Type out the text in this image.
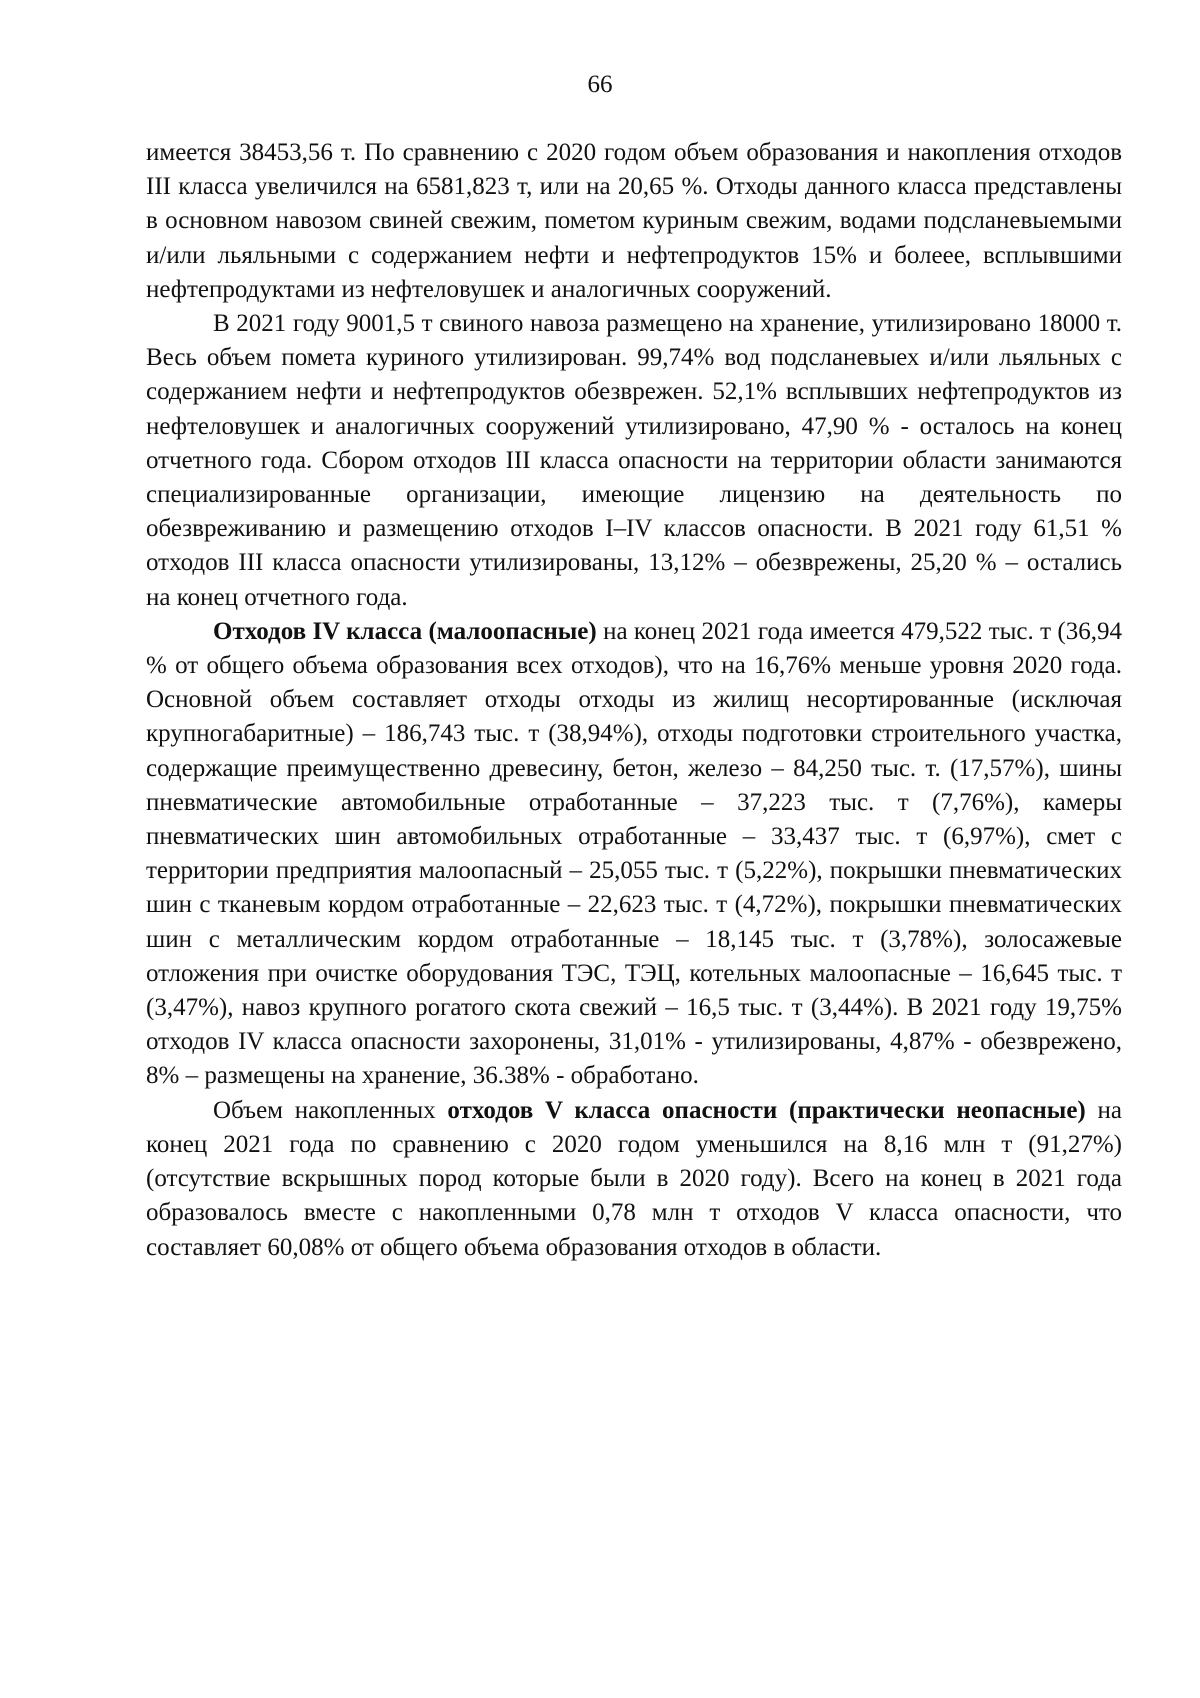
66

имеется 38453,56 т. По сравнению с 2020 годом объем образования и накопления отходов III класса увеличился на 6581,823 т, или на 20,65 %. Отходы данного класса представлены в основном навозом свиней свежим, пометом куриным свежим, водами подсланевыемыми и/или льяльными с содержанием нефти и нефтепродуктов 15% и болеее, всплывшими нефтепродуктами из нефтеловушек и аналогичных сооружений.

В 2021 году 9001,5 т свиного навоза размещено на хранение, утилизировано 18000 т. Весь объем помета куриного утилизирован. 99,74% вод подсланевыех и/или льяльных с содержанием нефти и нефтепродуктов обезврежен. 52,1% всплывших нефтепродуктов из нефтеловушек и аналогичных сооружений утилизировано, 47,90 % - осталось на конец отчетного года. Сбором отходов III класса опасности на территории области занимаются специализированные организации, имеющие лицензию на деятельность по обезвреживанию и размещению отходов I–IV классов опасности. В 2021 году 61,51 % отходов III класса опасности утилизированы, 13,12% – обезврежены, 25,20 % – остались на конец отчетного года.

Отходов IV класса (малоопасные) на конец 2021 года имеется 479,522 тыс. т (36,94 % от общего объема образования всех отходов), что на 16,76% меньше уровня 2020 года. Основной объем составляет отходы отходы из жилищ несортированные (исключая крупногабаритные) – 186,743 тыс. т (38,94%), отходы подготовки строительного участка, содержащие преимущественно древесину, бетон, железо – 84,250 тыс. т. (17,57%), шины пневматические автомобильные отработанные – 37,223 тыс. т (7,76%), камеры пневматических шин автомобильных отработанные – 33,437 тыс. т (6,97%), смет с территории предприятия малоопасный – 25,055 тыс. т (5,22%), покрышки пневматических шин с тканевым кордом отработанные – 22,623 тыс. т (4,72%), покрышки пневматических шин с металлическим кордом отработанные – 18,145 тыс. т (3,78%), золосажевые отложения при очистке оборудования ТЭС, ТЭЦ, котельных малоопасные – 16,645 тыс. т (3,47%), навоз крупного рогатого скота свежий – 16,5 тыс. т (3,44%). В 2021 году 19,75% отходов IV класса опасности захоронены, 31,01% - утилизированы, 4,87% - обезврежено, 8% – размещены на хранение, 36.38% - обработано.

Объем накопленных отходов V класса опасности (практически неопасные) на конец 2021 года по сравнению с 2020 годом уменьшился на 8,16 млн т (91,27%) (отсутствие вскрышных пород которые были в 2020 году). Всего на конец в 2021 года образовалось вместе с накопленными 0,78 млн т отходов V класса опасности, что составляет 60,08% от общего объема образования отходов в области.
